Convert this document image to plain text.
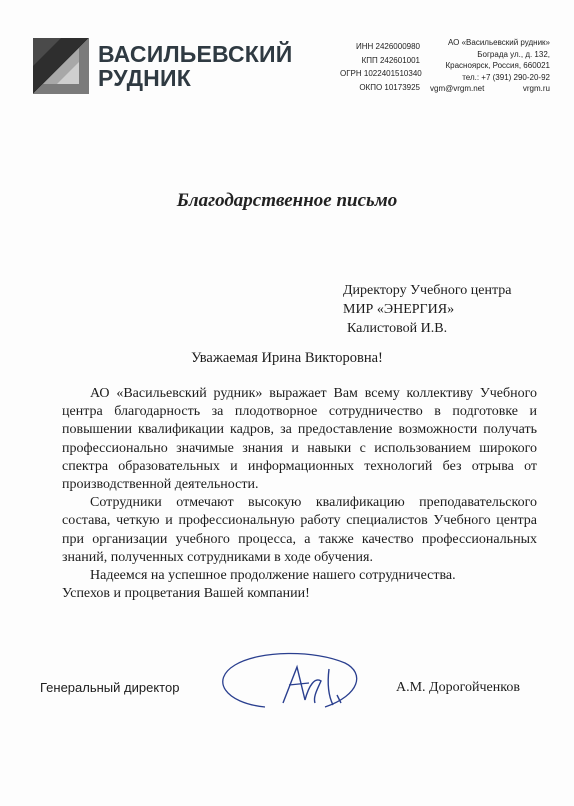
ВАСИЛЬЕВСКИЙ
РУДНИК
ИНН 2426000980
КПП 242601001
ОГРН 1022401510340
ОКПО 10173925
АО «Васильевский рудник»
Бограда ул., д. 132,
Красноярск, Россия, 660021
тел.: +7 (391) 290-20-92
vgm@vrgm.net	vrgm.ru
Благодарственное письмо
Директору Учебного центра
МИР «ЭНЕРГИЯ»
Калистовой И.В.
Уважаемая Ирина Викторовна!

АО «Васильевский рудник» выражает Вам всему коллективу Учебного центра благодарность за плодотворное сотрудничество в подготовке и повышении квалификации кадров, за предоставление возможности получать профессионально значимые знания и навыки с использованием широкого спектра образовательных и информационных технологий без отрыва от производственной деятельности.

Сотрудники отмечают высокую квалификацию преподавательского состава, четкую и профессиональную работу специалистов Учебного центра при организации учебного процесса, а также качество профессиональных знаний, полученных сотрудниками в ходе обучения.

Надеемся на успешное продолжение нашего сотрудничества.

Успехов и процветания Вашей компании!

Генеральный директор	А.М. Дорогойченков
